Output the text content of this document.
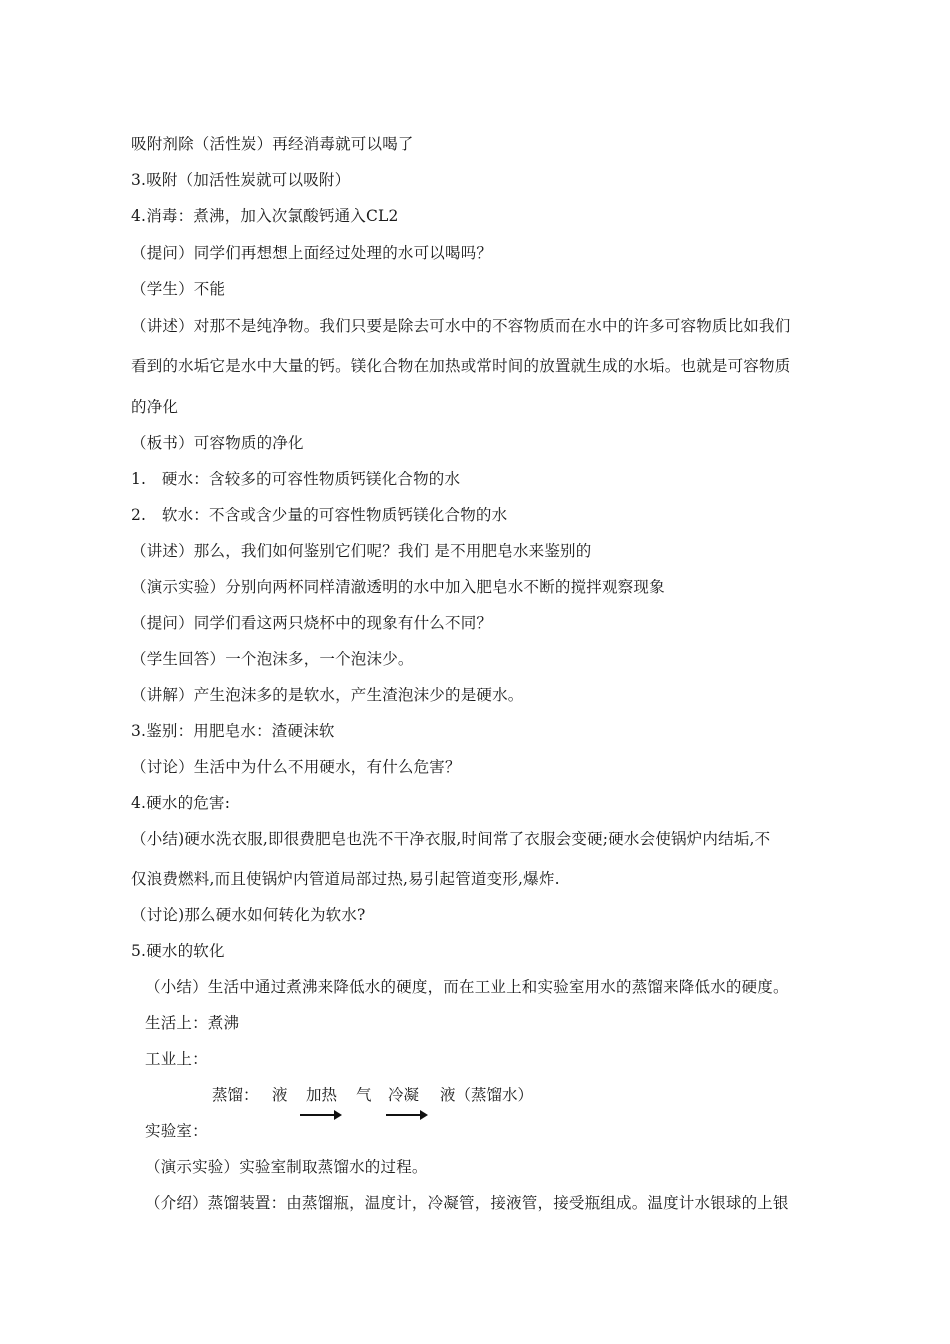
吸附剂除（活性炭）再经消毒就可以喝了
3.吸附（加活性炭就可以吸附）
4.消毒：煮沸，加入次氯酸钙通入CL2
（提问）同学们再想想上面经过处理的水可以喝吗？
（学生）不能
（讲述）对那不是纯净物。我们只要是除去可水中的不容物质而在水中的许多可容物质比如我们
看到的水垢它是水中大量的钙。镁化合物在加热或常时间的放置就生成的水垢。也就是可容物质
的净化
（板书）可容物质的净化
1.　硬水：含较多的可容性物质钙镁化合物的水
2.　软水：不含或含少量的可容性物质钙镁化合物的水
（讲述）那么，我们如何鉴别它们呢？我们 是不用肥皂水来鉴别的
（演示实验）分别向两杯同样清澈透明的水中加入肥皂水不断的搅拌观察现象
（提问）同学们看这两只烧杯中的现象有什么不同？
（学生回答）一个泡沫多，一个泡沫少。
（讲解）产生泡沫多的是软水，产生渣泡沫少的是硬水。
3.鉴别：用肥皂水：渣硬沫软
（讨论）生活中为什么不用硬水，有什么危害？
4.硬水的危害:
（小结)硬水洗衣服,即很费肥皂也洗不干净衣服,时间常了衣服会变硬;硬水会使锅炉内结垢,不
仅浪费燃料,而且使锅炉内管道局部过热,易引起管道变形,爆炸.
（讨论)那么硬水如何转化为软水?
5.硬水的软化
（小结）生活中通过煮沸来降低水的硬度，而在工业上和实验室用水的蒸馏来降低水的硬度。
生活上：煮沸
工业上：
蒸馏： 液 加热 气 冷凝 液（蒸馏水）
实验室：
（演示实验）实验室制取蒸馏水的过程。
（介绍）蒸馏装置：由蒸馏瓶，温度计，冷凝管，接液管，接受瓶组成。温度计水银球的上银
